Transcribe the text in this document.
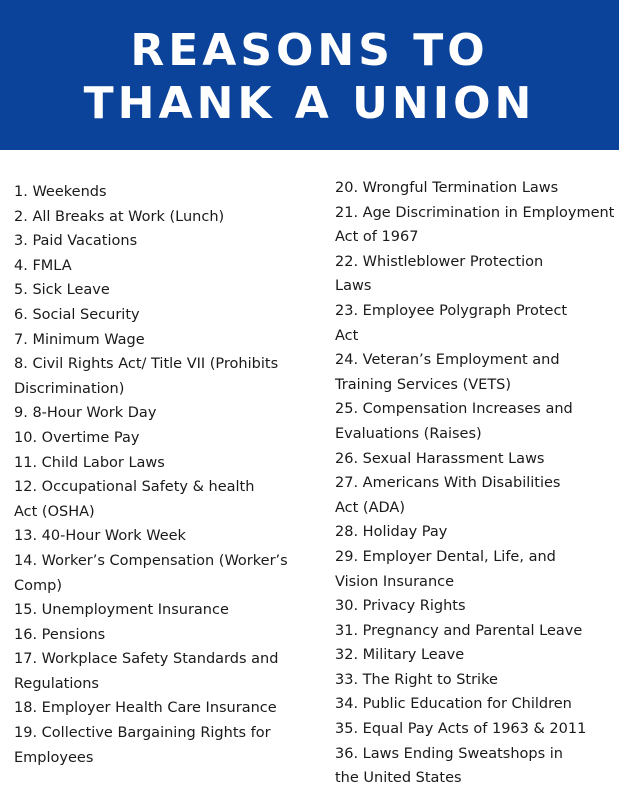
REASONS TO
THANK A UNION
1. Weekends
2. All Breaks at Work (Lunch)
3. Paid Vacations
4. FMLA
5. Sick Leave
6. Social Security
7. Minimum Wage
8. Civil Rights Act/ Title VII (Prohibits
Discrimination)
9. 8-Hour Work Day
10. Overtime Pay
11. Child Labor Laws
12. Occupational Safety & health
Act (OSHA)
13. 40-Hour Work Week
14. Worker’s Compensation (Worker’s
Comp)
15. Unemployment Insurance
16. Pensions
17. Workplace Safety Standards and
Regulations
18. Employer Health Care Insurance
19. Collective Bargaining Rights for
Employees
20. Wrongful Termination Laws
21. Age Discrimination in Employment
Act of 1967
22. Whistleblower Protection
Laws
23. Employee Polygraph Protect
Act
24. Veteran’s Employment and
Training Services (VETS)
25. Compensation Increases and
Evaluations (Raises)
26. Sexual Harassment Laws
27. Americans With Disabilities
Act (ADA)
28. Holiday Pay
29. Employer Dental, Life, and
Vision Insurance
30. Privacy Rights
31. Pregnancy and Parental Leave
32. Military Leave
33. The Right to Strike
34. Public Education for Children
35. Equal Pay Acts of 1963 & 2011
36. Laws Ending Sweatshops in
the United States
